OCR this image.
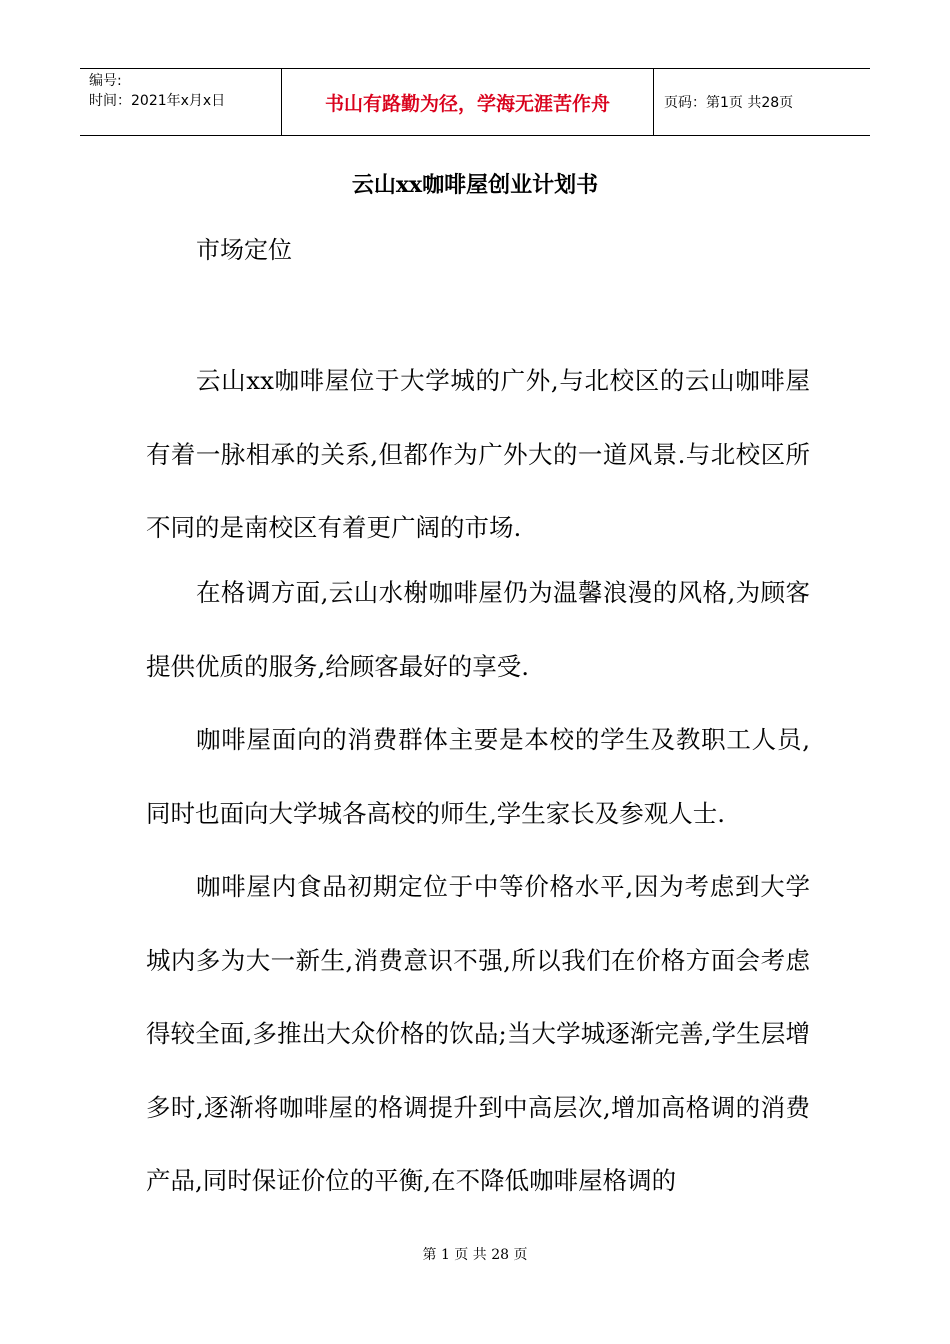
编号:
时间：2021年x月x日	书山有路勤为径，学海无涯苦作舟	页码：第1页 共28页
云山xx咖啡屋创业计划书
市场定位

云山xx咖啡屋位于大学城的广外,与北校区的云山咖啡屋有着一脉相承的关系,但都作为广外大的一道风景.与北校区所不同的是南校区有着更广阔的市场.

在格调方面,云山水榭咖啡屋仍为温馨浪漫的风格,为顾客提供优质的服务,给顾客最好的享受.

咖啡屋面向的消费群体主要是本校的学生及教职工人员,同时也面向大学城各高校的师生,学生家长及参观人士.

咖啡屋内食品初期定位于中等价格水平,因为考虑到大学城内多为大一新生,消费意识不强,所以我们在价格方面会考虑得较全面,多推出大众价格的饮品;当大学城逐渐完善,学生层增多时,逐渐将咖啡屋的格调提升到中高层次,增加高格调的消费产品,同时保证价位的平衡,在不降低咖啡屋格调的

第 1 页 共 28 页
